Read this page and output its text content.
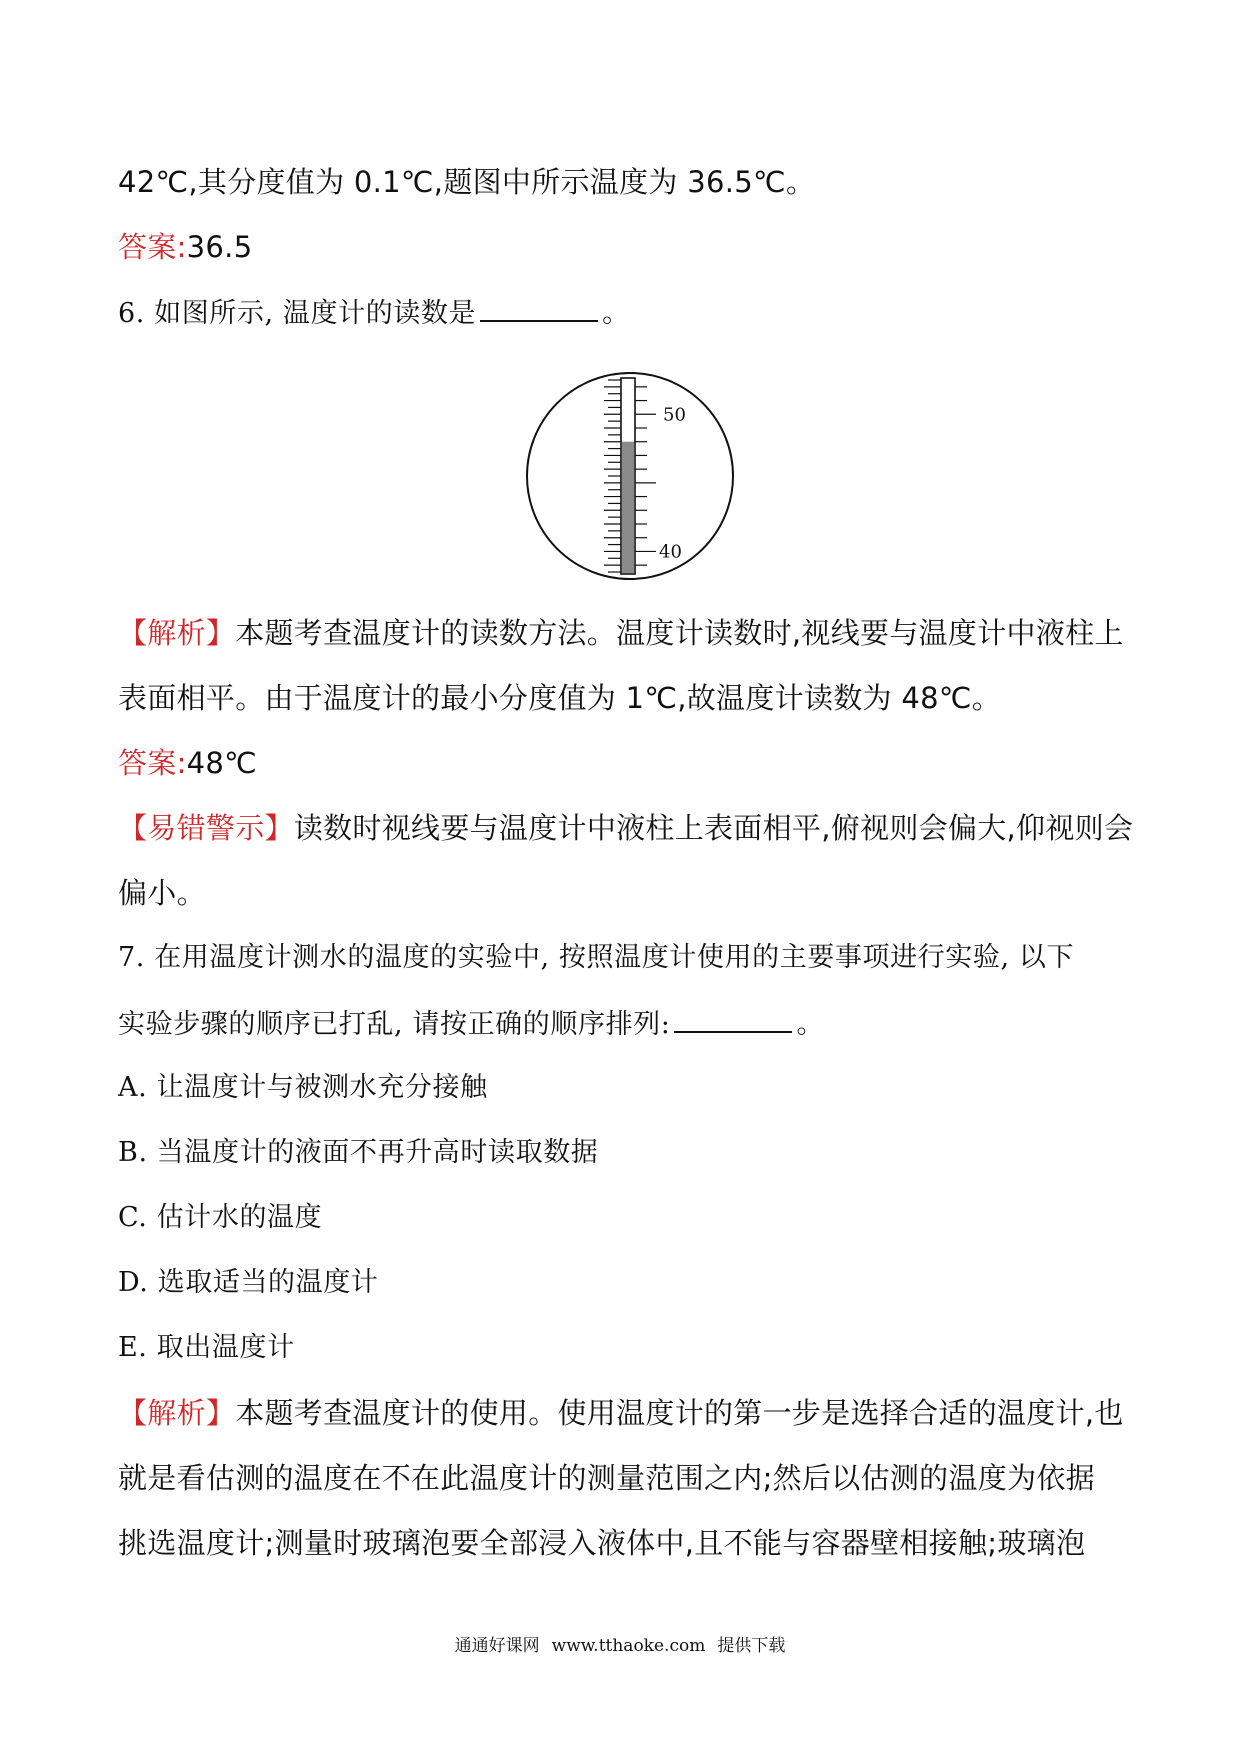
42℃,其分度值为 0.1℃,题图中所示温度为 36.5℃。
答案:36.5
6. 如图所示, 温度计的读数是	。
50
40
【解析】本题考查温度计的读数方法。温度计读数时,视线要与温度计中液柱上
表面相平。由于温度计的最小分度值为 1℃,故温度计读数为 48℃。
答案:48℃
【易错警示】读数时视线要与温度计中液柱上表面相平,俯视则会偏大,仰视则会
偏小。
7. 在用温度计测水的温度的实验中, 按照温度计使用的主要事项进行实验, 以下
实验步骤的顺序已打乱, 请按正确的顺序排列:	。
A. 让温度计与被测水充分接触
B. 当温度计的液面不再升高时读取数据
C. 估计水的温度
D. 选取适当的温度计
E. 取出温度计
【解析】本题考查温度计的使用。使用温度计的第一步是选择合适的温度计,也
就是看估测的温度在不在此温度计的测量范围之内;然后以估测的温度为依据
挑选温度计;测量时玻璃泡要全部浸入液体中,且不能与容器壁相接触;玻璃泡
通通好课网 www.tthaoke.com 提供下载
